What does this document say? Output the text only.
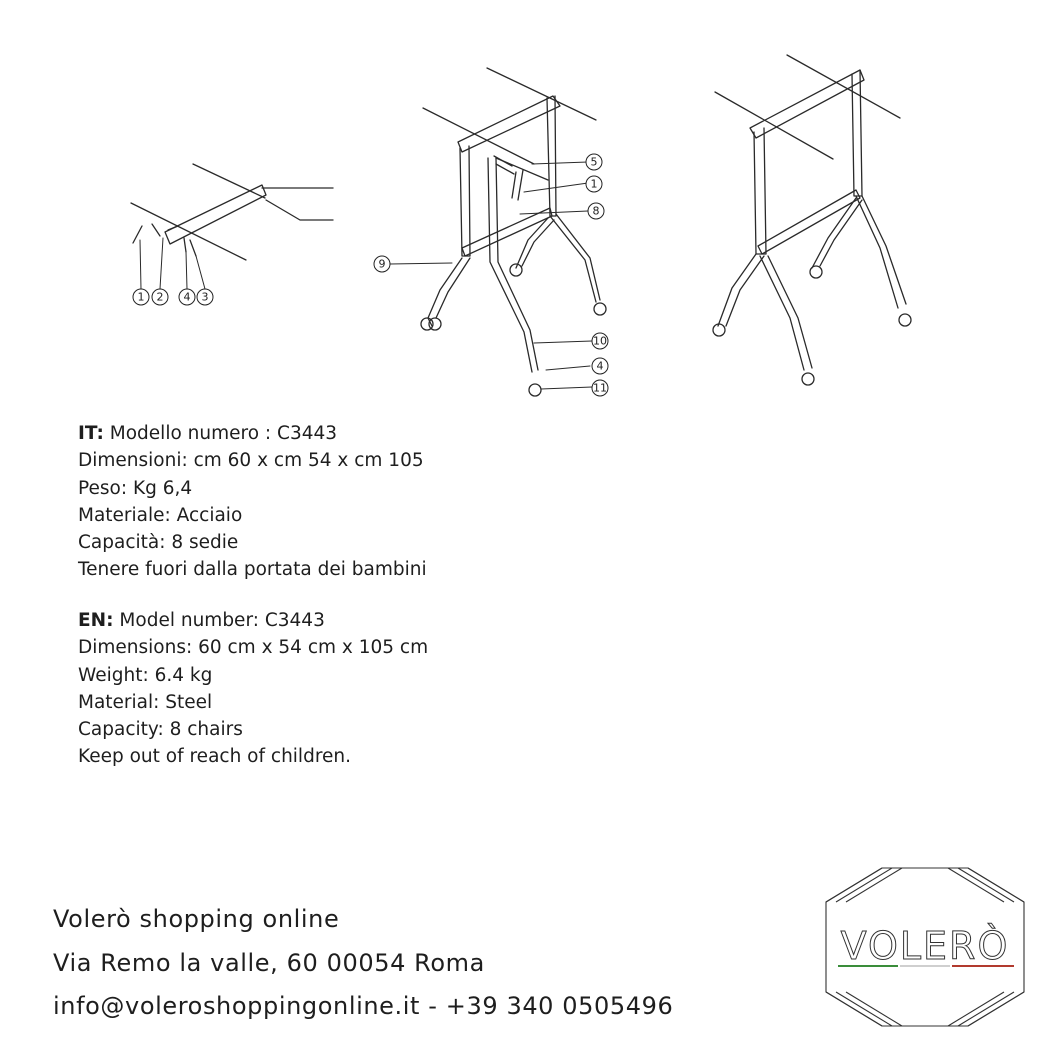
1 2 4 3
5
1
8
9
10
4
11
IT: Modello numero : C3443
Dimensioni: cm 60 x cm 54 x cm 105
Peso: Kg 6,4
Materiale: Acciaio
Capacità: 8 sedie
Tenere fuori dalla portata dei bambini
EN: Model number: C3443
Dimensions: 60 cm x 54 cm x 105 cm
Weight: 6.4 kg
Material: Steel
Capacity: 8 chairs
Keep out of reach of children.
Volerò shopping online
Via Remo la valle, 60 00054 Roma
info@voleroshoppingonline.it - +39 340 0505496
VOLERÒ
